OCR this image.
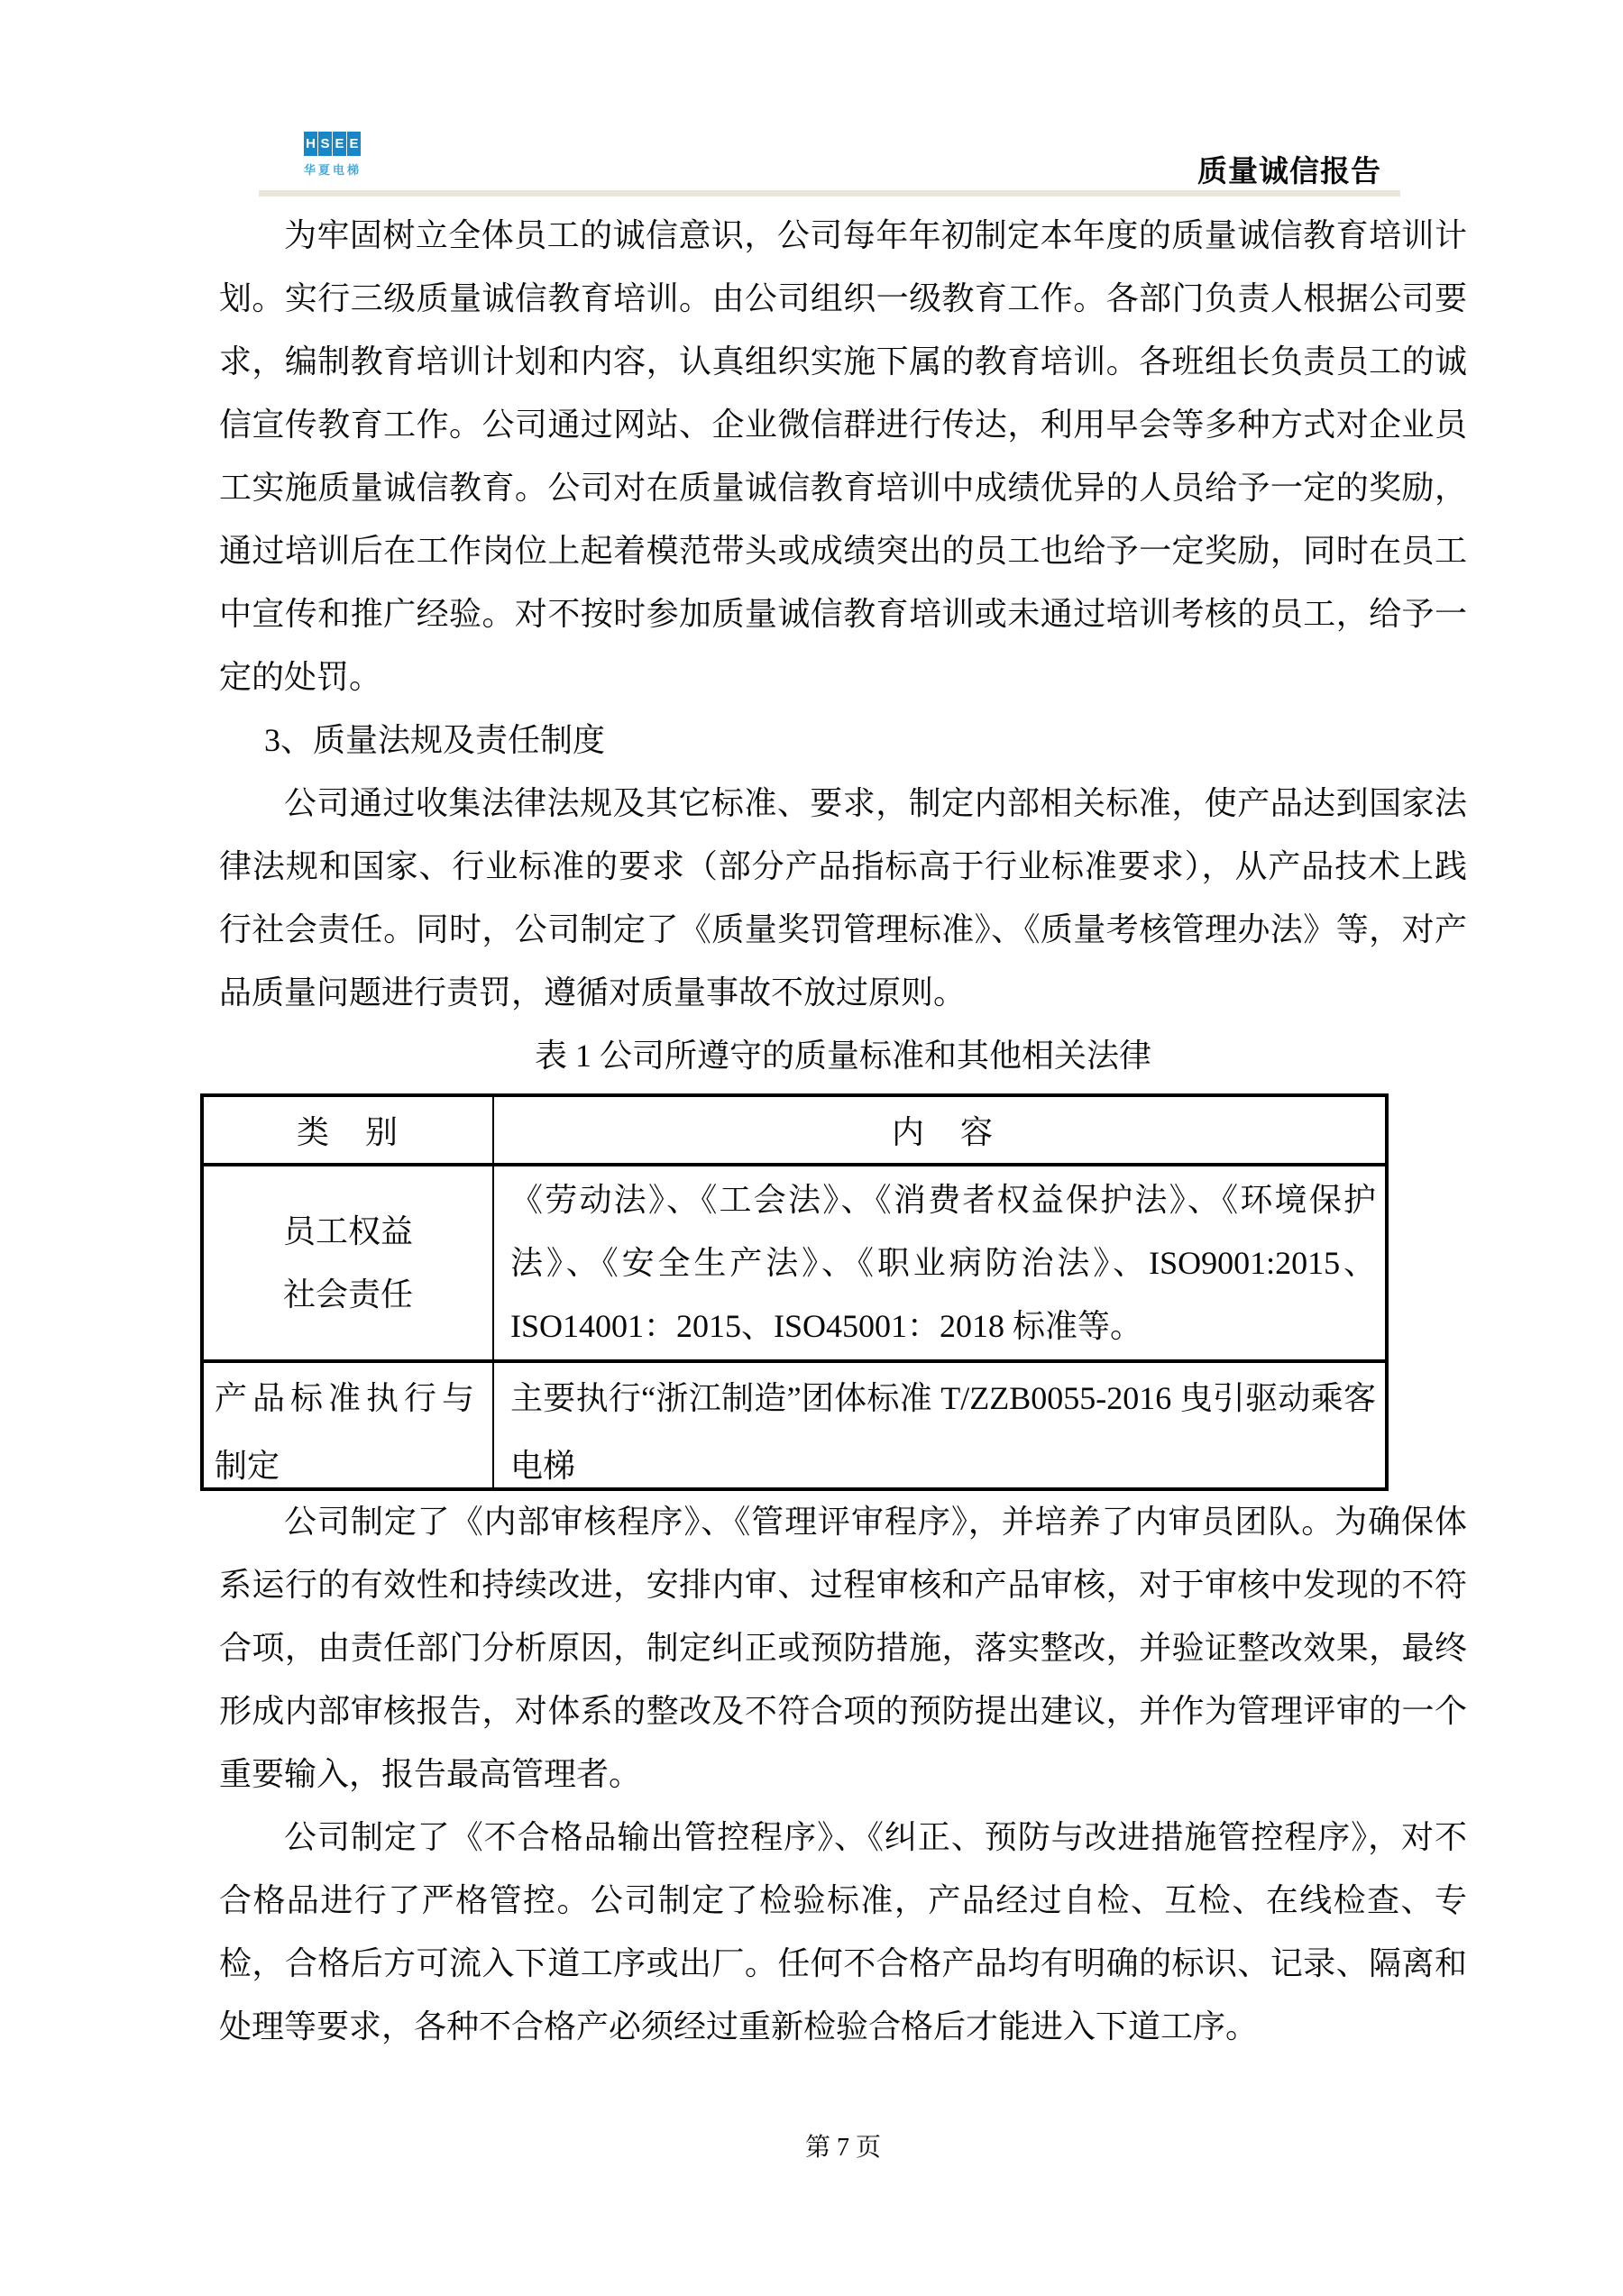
H S E E
华夏电梯	质量诚信报告

为牢固树立全体员工的诚信意识，公司每年年初制定本年度的质量诚信教育培训计划。实行三级质量诚信教育培训。由公司组织一级教育工作。各部门负责人根据公司要求，编制教育培训计划和内容，认真组织实施下属的教育培训。各班组长负责员工的诚信宣传教育工作。公司通过网站、企业微信群进行传达，利用早会等多种方式对企业员工实施质量诚信教育。公司对在质量诚信教育培训中成绩优异的人员给予一定的奖励，通过培训后在工作岗位上起着模范带头或成绩突出的员工也给予一定奖励，同时在员工中宣传和推广经验。对不按时参加质量诚信教育培训或未通过培训考核的员工，给予一定的处罚。

3、质量法规及责任制度

公司通过收集法律法规及其它标准、要求，制定内部相关标准，使产品达到国家法律法规和国家、行业标准的要求（部分产品指标高于行业标准要求），从产品技术上践行社会责任。同时，公司制定了《质量奖罚管理标准》、《质量考核管理办法》等，对产品质量问题进行责罚，遵循对质量事故不放过原则。

表 1 公司所遵守的质量标准和其他相关法律

类　别	内　容
员工权益
社会责任
《劳动法》、《工会法》、《消费者权益保护法》、《环境保护法》、《安全生产法》、《职业病防治法》、ISO9001:2015、ISO14001：2015、ISO45001：2018 标准等。
产品标准执行与
制定
主要执行“浙江制造”团体标准 T/ZZB0055-2016 曳引驱动乘客电梯

公司制定了《内部审核程序》、《管理评审程序》，并培养了内审员团队。为确保体系运行的有效性和持续改进，安排内审、过程审核和产品审核，对于审核中发现的不符合项，由责任部门分析原因，制定纠正或预防措施，落实整改，并验证整改效果，最终形成内部审核报告，对体系的整改及不符合项的预防提出建议，并作为管理评审的一个重要输入，报告最高管理者。

公司制定了《不合格品输出管控程序》、《纠正、预防与改进措施管控程序》，对不合格品进行了严格管控。公司制定了检验标准，产品经过自检、互检、在线检查、专检，合格后方可流入下道工序或出厂。任何不合格产品均有明确的标识、记录、隔离和处理等要求，各种不合格产必须经过重新检验合格后才能进入下道工序。

第 7 页
